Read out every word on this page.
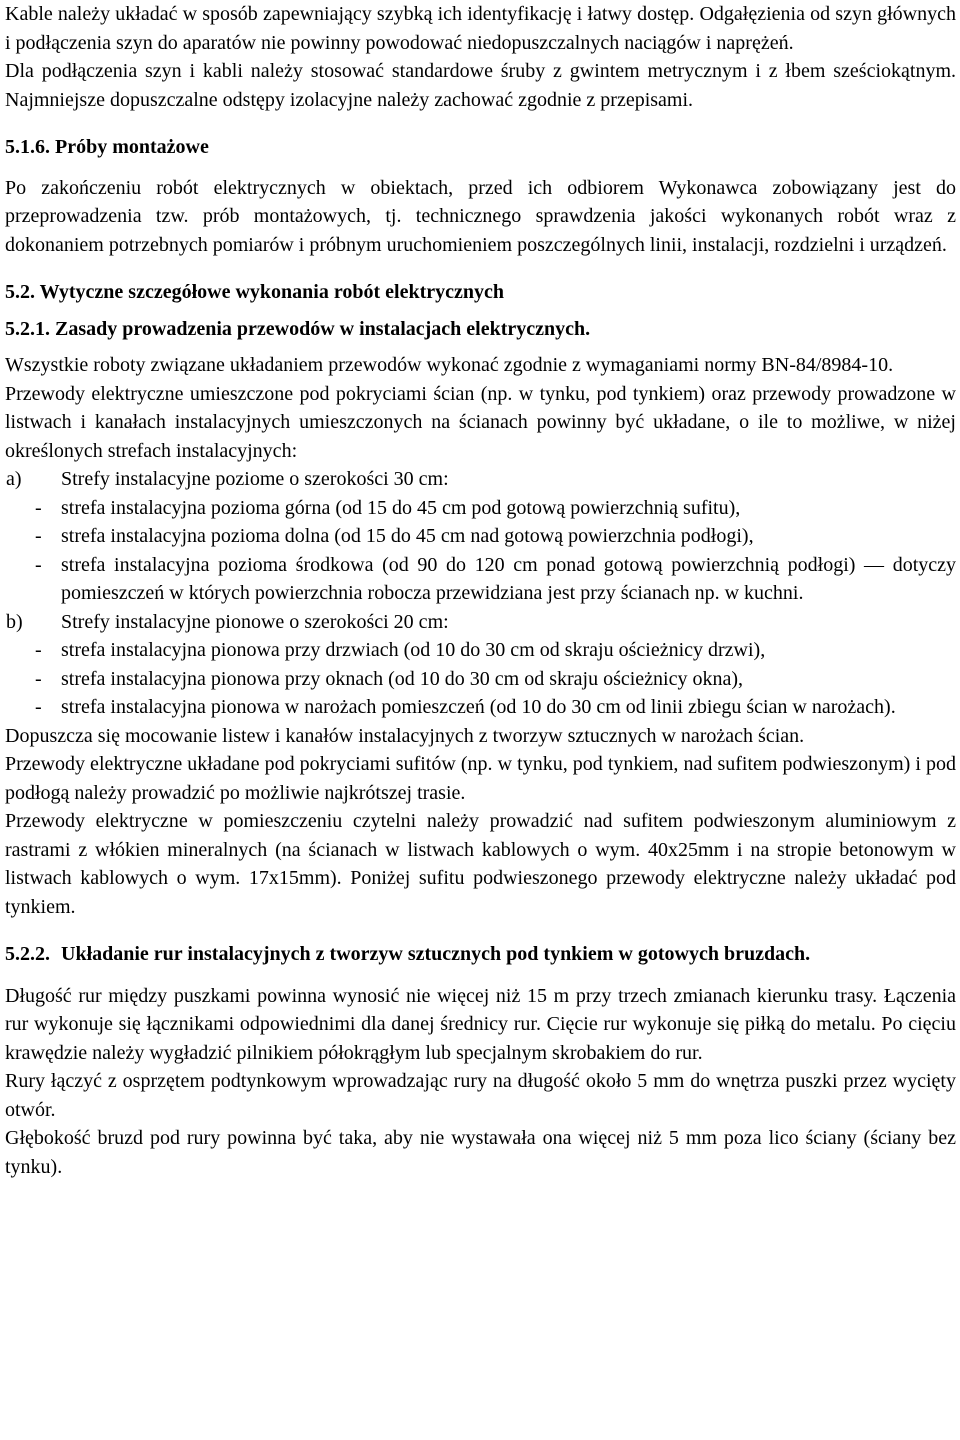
Kable należy układać w sposób zapewniający szybką ich identyfikację i łatwy dostęp. Odgałęzienia od szyn głównych i podłączenia szyn do aparatów nie powinny powodować niedopuszczalnych naciągów i naprężeń.

Dla podłączenia szyn i kabli należy stosować standardowe śruby z gwintem metrycznym i z łbem sześciokątnym. Najmniejsze dopuszczalne odstępy izolacyjne należy zachować zgodnie z przepisami.

5.1.6. Próby montażowe

Po zakończeniu robót elektrycznych w obiektach, przed ich odbiorem Wykonawca zobowiązany jest do przeprowadzenia tzw. prób montażowych, tj. technicznego sprawdzenia jakości wykonanych robót wraz z dokonaniem potrzebnych pomiarów i próbnym uruchomieniem poszczególnych linii, instalacji, rozdzielni i urządzeń.

5.2. Wytyczne szczegółowe wykonania robót elektrycznych
5.2.1. Zasady prowadzenia przewodów w instalacjach elektrycznych.

Wszystkie roboty związane układaniem przewodów wykonać zgodnie z wymaganiami normy BN-84/8984-10.

Przewody elektryczne umieszczone pod pokryciami ścian (np. w tynku, pod tynkiem) oraz przewody prowadzone w listwach i kanałach instalacyjnych umieszczonych na ścianach powinny być układane, o ile to możliwe, w niżej określonych strefach instalacyjnych:

a)	Strefy instalacyjne poziome o szerokości 30 cm:
- strefa instalacyjna pozioma górna (od 15 do 45 cm pod gotową powierzchnią sufitu),
- strefa instalacyjna pozioma dolna (od 15 do 45 cm nad gotową powierzchnia podłogi),
- strefa instalacyjna pozioma środkowa (od 90 do 120 cm ponad gotową powierzchnią podłogi) — dotyczy pomieszczeń w których powierzchnia robocza przewidziana jest przy ścianach np. w kuchni.
b)	Strefy instalacyjne pionowe o szerokości 20 cm:
- strefa instalacyjna pionowa przy drzwiach (od 10 do 30 cm od skraju ościeżnicy drzwi),
- strefa instalacyjna pionowa przy oknach (od 10 do 30 cm od skraju ościeżnicy okna),
- strefa instalacyjna pionowa w narożach pomieszczeń (od 10 do 30 cm od linii zbiegu ścian w narożach).

Dopuszcza się mocowanie listew i kanałów instalacyjnych z tworzyw sztucznych w narożach ścian.

Przewody elektryczne układane pod pokryciami sufitów (np. w tynku, pod tynkiem, nad sufitem podwieszonym) i pod podłogą należy prowadzić po możliwie najkrótszej trasie.

Przewody elektryczne w pomieszczeniu czytelni należy prowadzić nad sufitem podwieszonym aluminiowym z rastrami z włókien mineralnych (na ścianach w listwach kablowych o wym. 40x25mm i na stropie betonowym w listwach kablowych o wym. 17x15mm). Poniżej sufitu podwieszonego przewody elektryczne należy układać pod tynkiem.

5.2.2. Układanie rur instalacyjnych z tworzyw sztucznych pod tynkiem w gotowych bruzdach.

Długość rur między puszkami powinna wynosić nie więcej niż 15 m przy trzech zmianach kierunku trasy. Łączenia rur wykonuje się łącznikami odpowiednimi dla danej średnicy rur. Cięcie rur wykonuje się piłką do metalu. Po cięciu krawędzie należy wygładzić pilnikiem półokrągłym lub specjalnym skrobakiem do rur.

Rury łączyć z osprzętem podtynkowym wprowadzając rury na długość około 5 mm do wnętrza puszki przez wycięty otwór.

Głębokość bruzd pod rury powinna być taka, aby nie wystawała ona więcej niż 5 mm poza lico ściany (ściany bez tynku).
